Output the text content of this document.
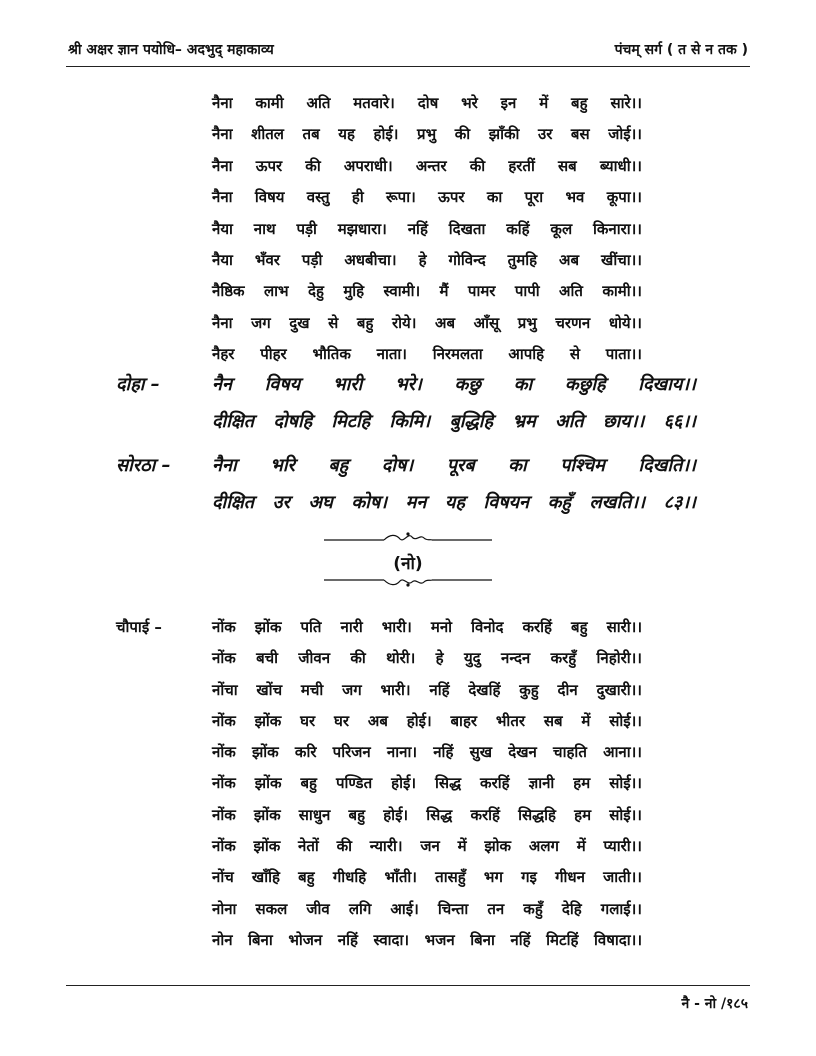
श्री अक्षर ज्ञान पयोधि– अदभुद् महाकाव्य	पंचम् सर्ग ( त से न तक )
नैना कामी अति मतवारे। दोष भरे इन में बहु सारे।।
नैना शीतल तब यह होई। प्रभु की झाँकी उर बस जोई।।
नैना ऊपर की अपराधी। अन्तर की हरतीं सब ब्याधी।।
नैना विषय वस्तु ही रूपा। ऊपर का पूरा भव कूपा।।
नैया नाथ पड़ी मझधारा। नहिं दिखता कहिं कूल किनारा।।
नैया भँवर पड़ी अधबीचा। हे गोविन्द तुमहि अब खींचा।।
नैष्ठिक लाभ देहु मुहि स्वामी। मैं पामर पापी अति कामी।।
नैना जग दुख से बहु रोये। अब आँसू प्रभु चरणन धोये।।
नैहर पीहर भौतिक नाता। निरमलता आपहि से पाता।।
दोहा –	नैन विषय भारी भरे। कछु का कछुहि दिखाय।।
दीक्षित दोषहि मिटहि किमि। बुद्धिहि भ्रम अति छाय।। ६६।।
सोरठा – नैना भरि बहु दोष। पूरब का पश्चिम दिखति।।
दीक्षित उर अघ कोष। मन यह विषयन कहुँ लखति।। ८३।।
(नो)
चौपाई –	नोंक झोंक पति नारी भारी। मनो विनोद करहिं बहु सारी।।
नोंक बची जीवन की थोरी। हे युदु नन्दन करहुँ निहोरी।।
नोंचा खोंच मची जग भारी। नहिं देखहिं कुहु दीन दुखारी।।
नोंक झोंक घर घर अब होई। बाहर भीतर सब में सोई।।
नोंक झोंक करि परिजन नाना। नहिं सुख देखन चाहति आना।।
नोंक झोंक बहु पण्डित होई। सिद्ध करहिं ज्ञानी हम सोई।।
नोंक झोंक साधुन बहु होई। सिद्ध करहिं सिद्धहि हम सोई।।
नोंक झोंक नेतों की न्यारी। जन में झोक अलग में प्यारी।।
नोंच खाँहि बहु गीधहि भाँती। तासहुँ भग गइ गीधन जाती।।
नोना सकल जीव लगि आई। चिन्ता तन कहुँ देहि गलाई।।
नोन बिना भोजन नहिं स्वादा। भजन बिना नहिं मिटहिं विषादा।।
नै - नो /१८५
